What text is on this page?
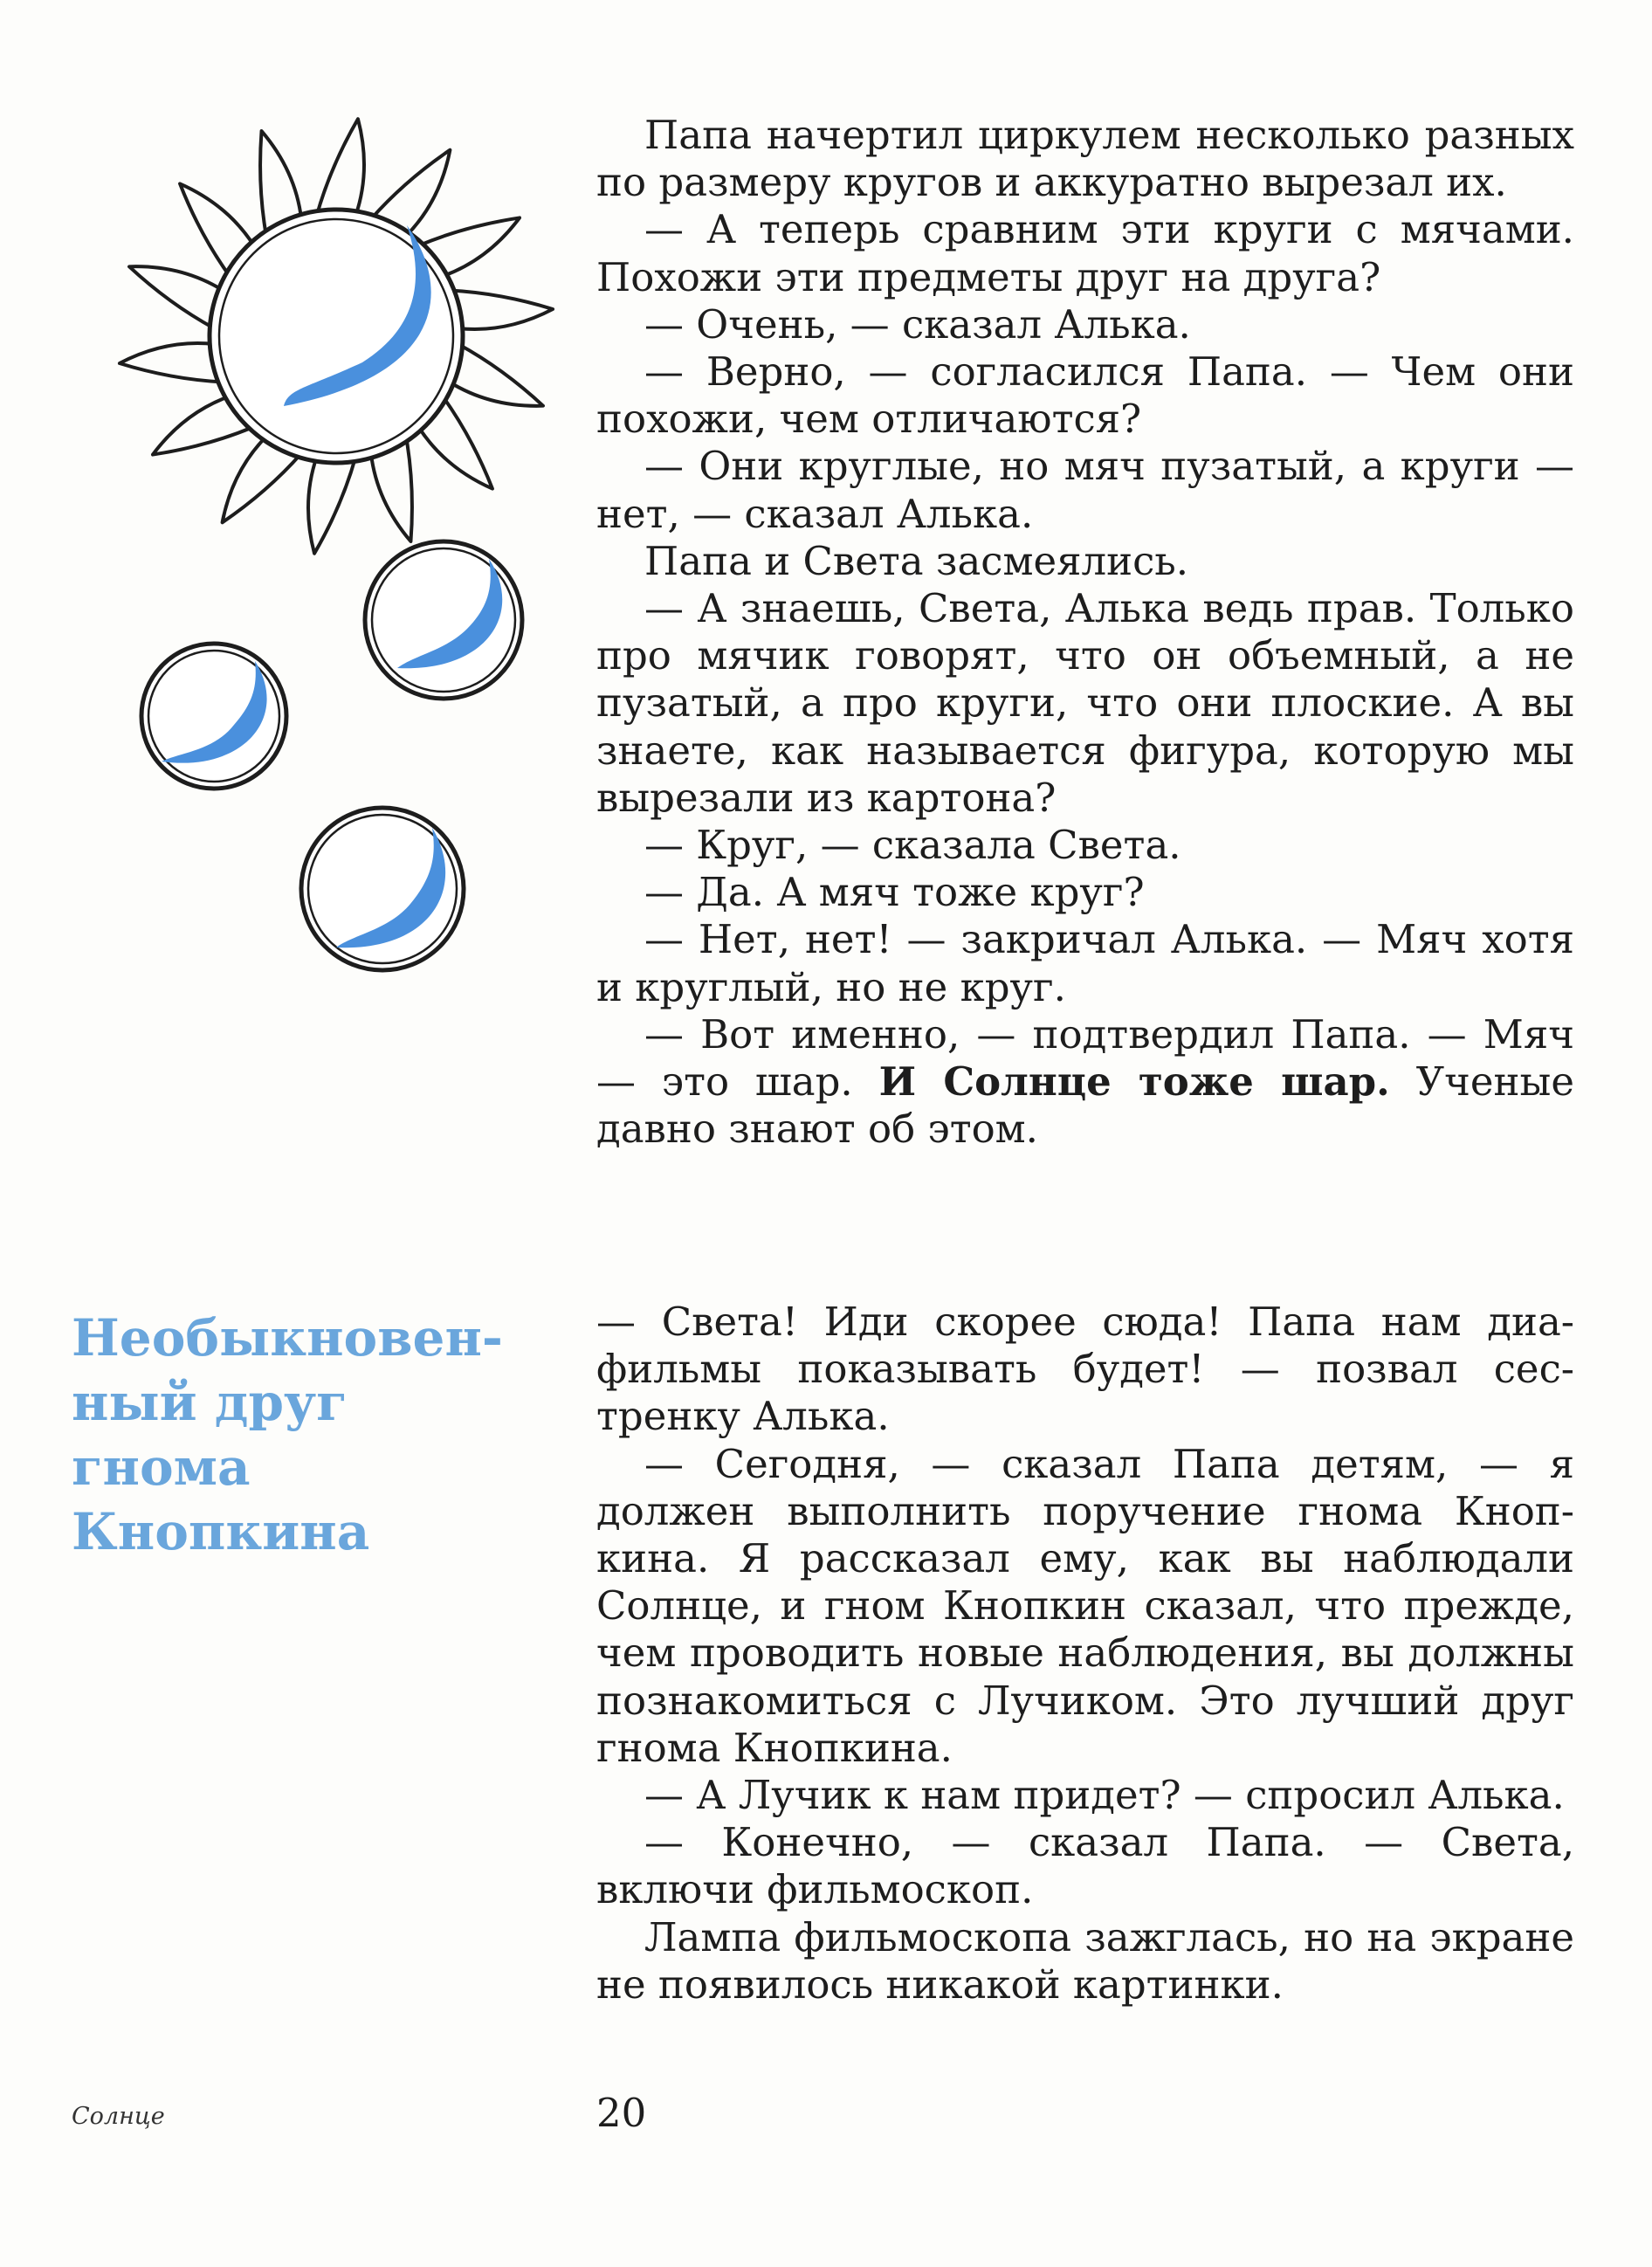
Папа начертил циркулем несколько разных по размеру кругов и аккуратно вырезал их.

— А теперь сравним эти круги с мячами. Похожи эти предметы друг на друга?

— Очень, — сказал Алька.

— Верно, — согласился Папа. — Чем они похожи, чем отличаются?

— Они круглые, но мяч пузатый, а круги — нет, — сказал Алька.

Папа и Света засмеялись.

— А знаешь, Света, Алька ведь прав. Только про мячик говорят, что он объемный, а не пузатый, а про круги, что они плоские. А вы знаете, как называется фигура, которую мы вырезали из картона?

— Круг, — сказала Света.

— Да. А мяч тоже круг?

— Нет, нет! — закричал Алька. — Мяч хотя и круглый, но не круг.

— Вот именно, — подтвердил Папа. — Мяч — это шар. И Солнце тоже шар. Ученые давно знают об этом.

Необыкновен-
ный друг
гнома
Кнопкина

— Света! Иди скорее сюда! Папа нам диафильмы показывать будет! — позвал сестренку Алька.

— Сегодня, — сказал Папа детям, — я должен выполнить поручение гнома Кнопкина. Я рассказал ему, как вы наблюдали Солнце, и гном Кнопкин сказал, что прежде, чем проводить новые наблюдения, вы должны познакомиться с Лучиком. Это лучший друг гнома Кнопкина.

— А Лучик к нам придет? — спросил Алька.

— Конечно, — сказал Папа. — Света, включи фильмоскоп.

Лампа фильмоскопа зажглась, но на экране не появилось никакой картинки.

Солнце	20
